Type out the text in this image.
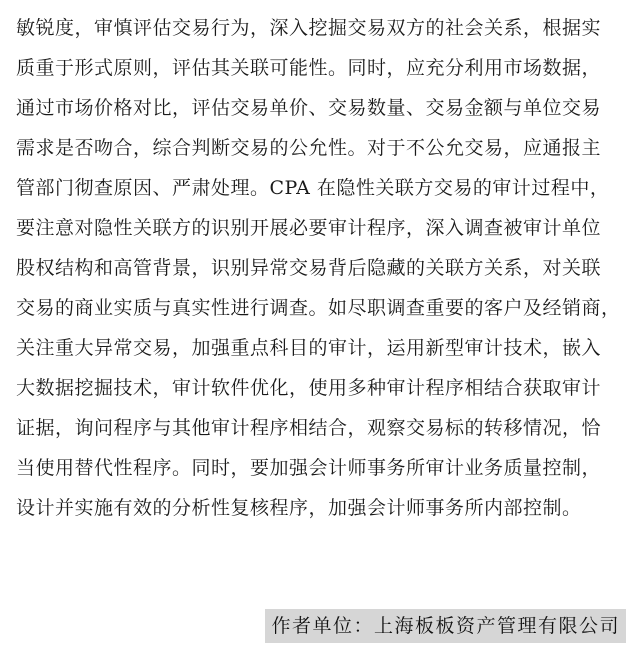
敏锐度，审慎评估交易行为，深入挖掘交易双方的社会关系，根据实
质重于形式原则，评估其关联可能性。同时，应充分利用市场数据，
通过市场价格对比，评估交易单价、交易数量、交易金额与单位交易
需求是否吻合，综合判断交易的公允性。对于不公允交易，应通报主
管部门彻查原因、严肃处理。CPA 在隐性关联方交易的审计过程中，
要注意对隐性关联方的识别开展必要审计程序，深入调查被审计单位
股权结构和高管背景，识别异常交易背后隐藏的关联方关系，对关联
交易的商业实质与真实性进行调查。如尽职调查重要的客户及经销商，
关注重大异常交易，加强重点科目的审计，运用新型审计技术，嵌入
大数据挖掘技术，审计软件优化，使用多种审计程序相结合获取审计
证据，询问程序与其他审计程序相结合，观察交易标的转移情况，恰
当使用替代性程序。同时，要加强会计师事务所审计业务质量控制，
设计并实施有效的分析性复核程序，加强会计师事务所内部控制。
作者单位：上海板板资产管理有限公司
